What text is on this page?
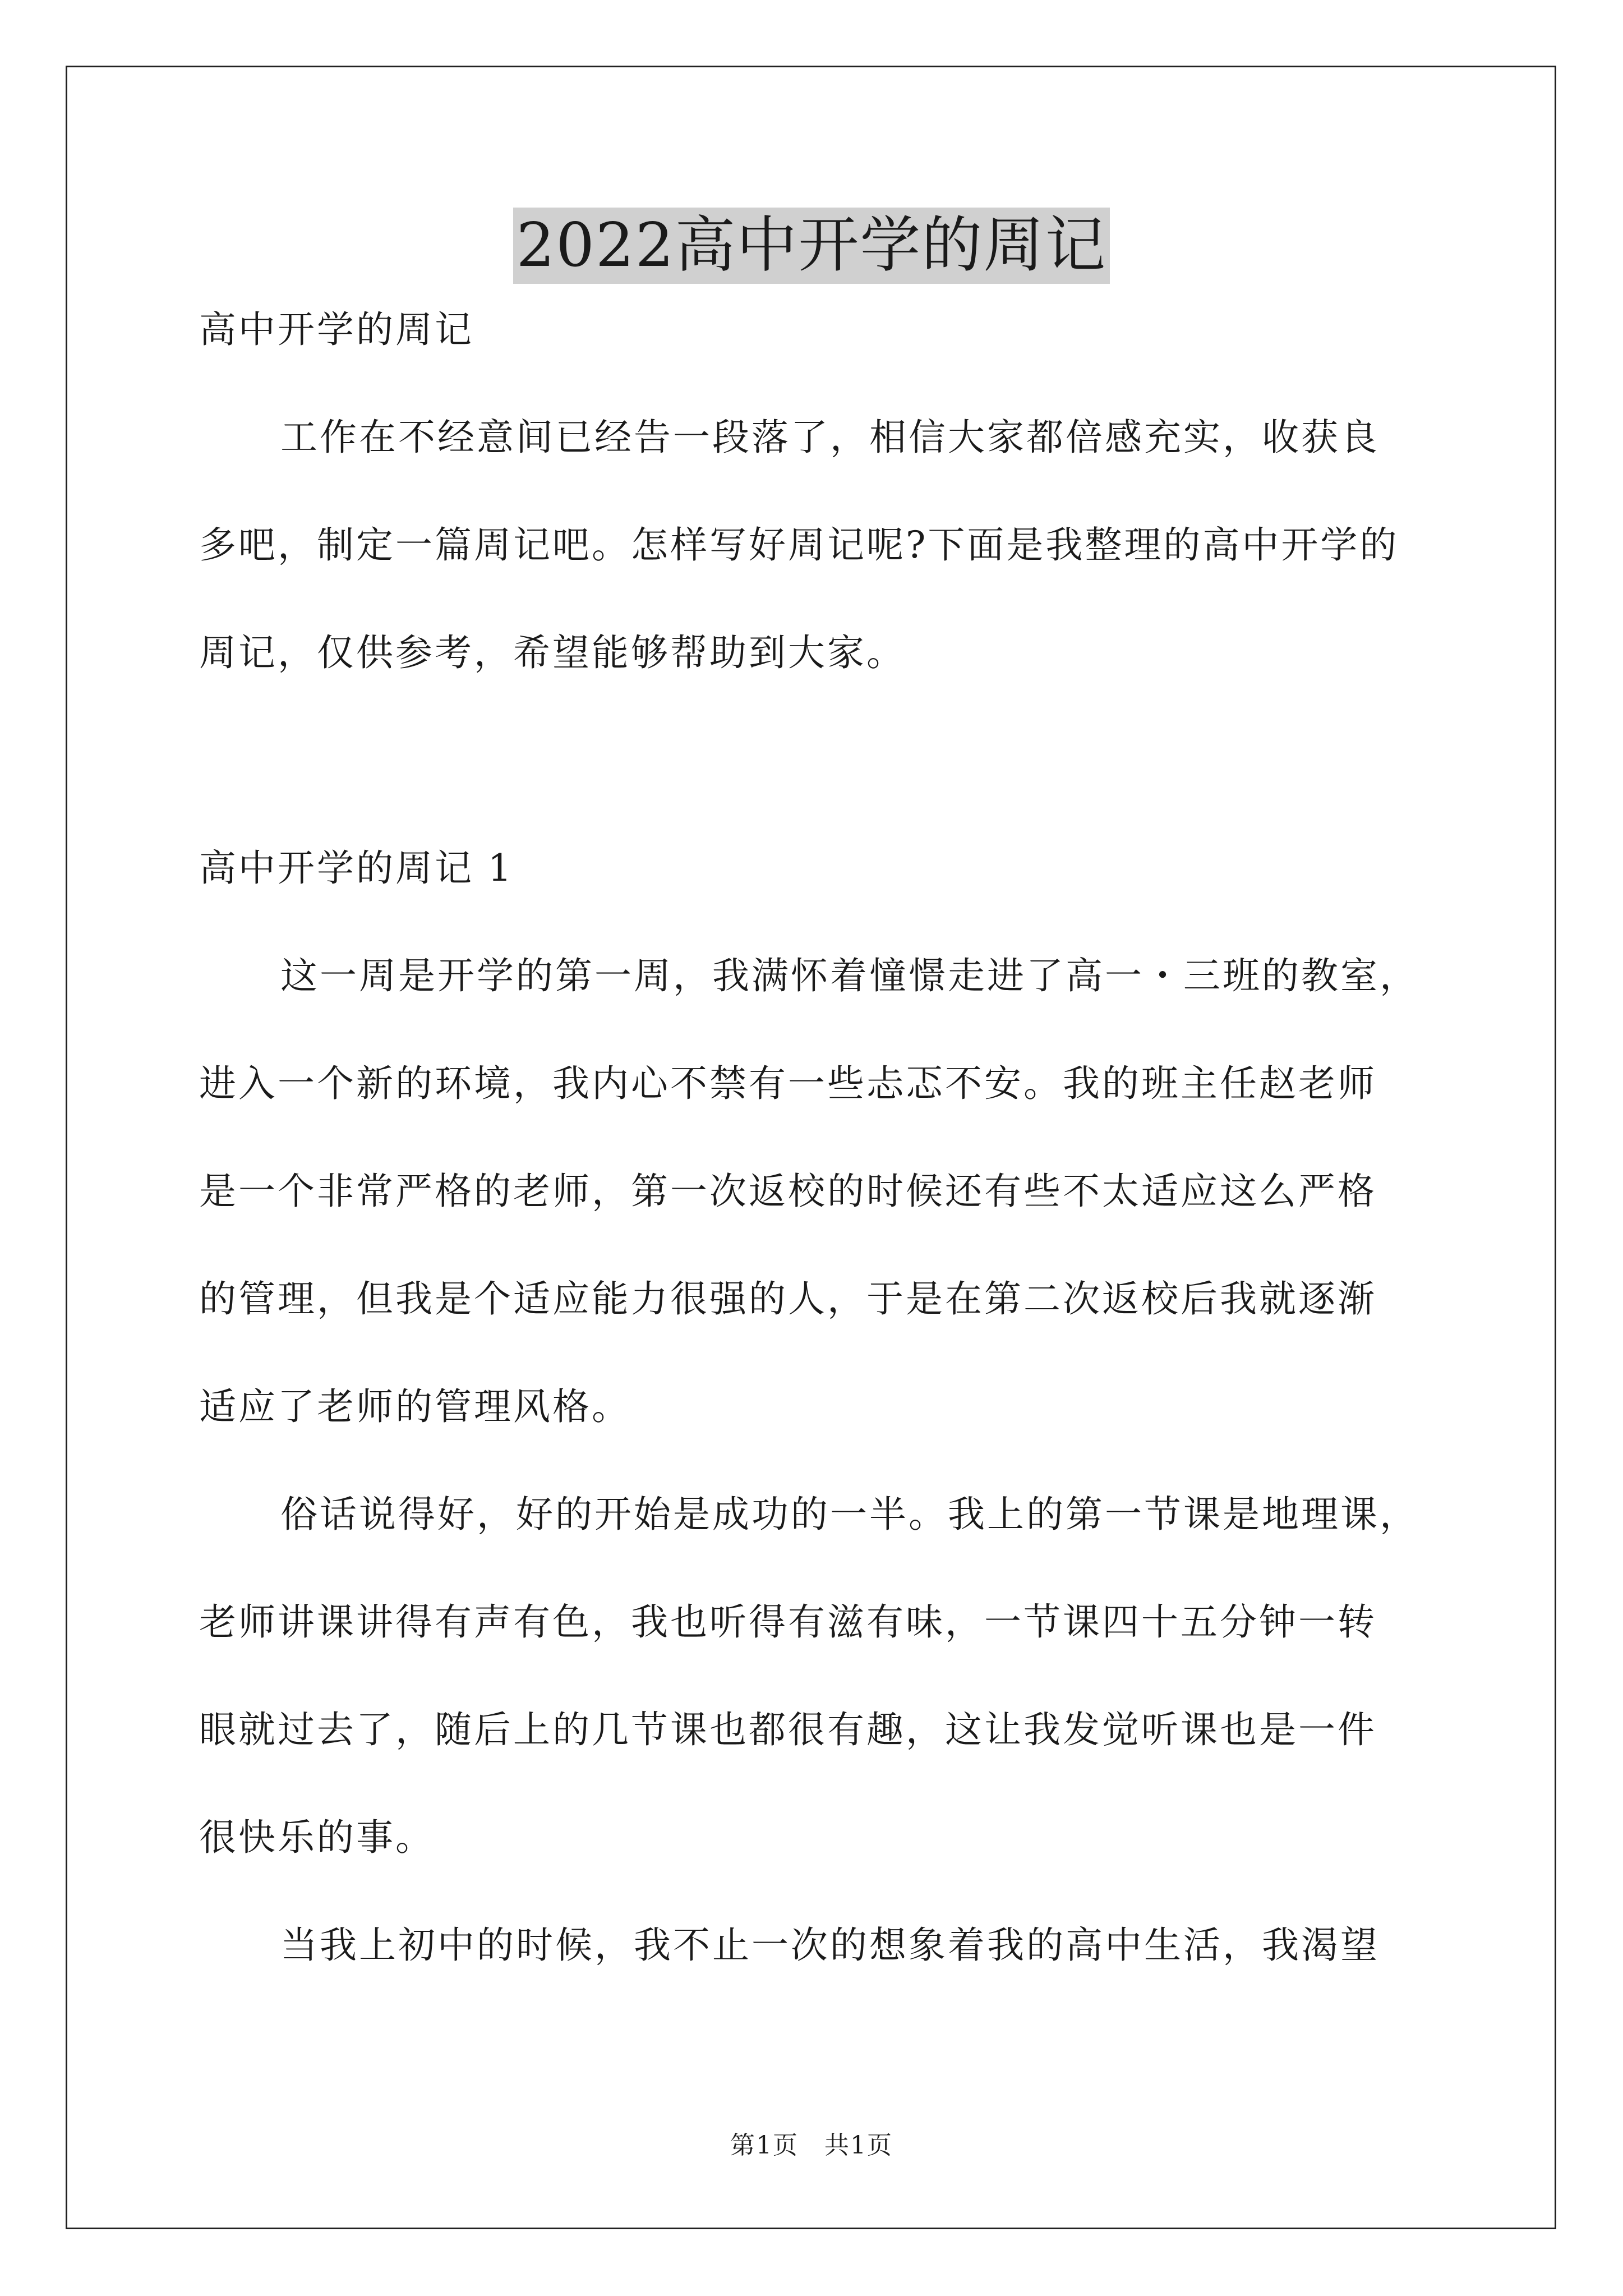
2022高中开学的周记
高中开学的周记
工作在不经意间已经告一段落了，相信大家都倍感充实，收获良
多吧，制定一篇周记吧。怎样写好周记呢?下面是我整理的高中开学的
周记，仅供参考，希望能够帮助到大家。
高中开学的周记 1
这一周是开学的第一周，我满怀着憧憬走进了高一・三班的教室，
进入一个新的环境，我内心不禁有一些忐忑不安。我的班主任赵老师
是一个非常严格的老师，第一次返校的时候还有些不太适应这么严格
的管理，但我是个适应能力很强的人，于是在第二次返校后我就逐渐
适应了老师的管理风格。
俗话说得好，好的开始是成功的一半。我上的第一节课是地理课，
老师讲课讲得有声有色，我也听得有滋有味，一节课四十五分钟一转
眼就过去了，随后上的几节课也都很有趣，这让我发觉听课也是一件
很快乐的事。
当我上初中的时候，我不止一次的想象着我的高中生活，我渴望
第1页　共1页
